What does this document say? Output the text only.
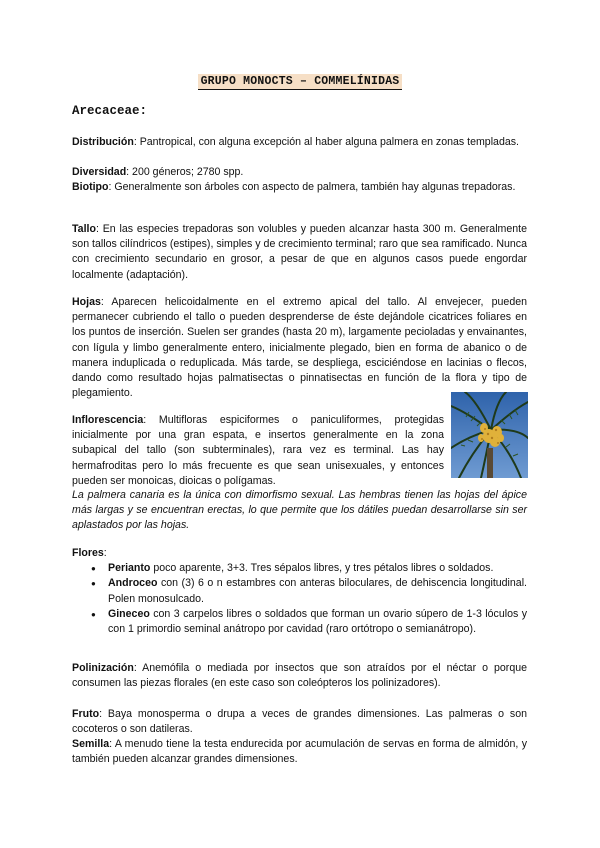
GRUPO MONOCTS – COMMELÍNIDAS
Arecaceae:
Distribución: Pantropical, con alguna excepción al haber alguna palmera en zonas templadas.
Diversidad: 200 géneros; 2780 spp.
Biotipo: Generalmente son árboles con aspecto de palmera, también hay algunas trepadoras.
Tallo: En las especies trepadoras son volubles y pueden alcanzar hasta 300 m. Generalmente son tallos cilíndricos (estipes), simples y de crecimiento terminal; raro que sea ramificado. Nunca con crecimiento secundario en grosor, a pesar de que en algunos casos puede engordar localmente (adaptación).
Hojas: Aparecen helicoidalmente en el extremo apical del tallo. Al envejecer, pueden permanecer cubriendo el tallo o pueden desprenderse de éste dejándole cicatrices foliares en los puntos de inserción. Suelen ser grandes (hasta 20 m), largamente pecioladas y envainantes, con lígula y limbo generalmente entero, inicialmente plegado, bien en forma de abanico o de manera induplicada o reduplicada. Más tarde, se despliega, esciciéndose en lacinias o flecos, dando como resultado hojas palmatisectas o pinnatisectas en función de la flora y tipo de plegamiento.
Inflorescencia: Multifloras espiciformes o paniculiformes, protegidas inicialmente por una gran espata, e insertos generalmente en la zona subapical del tallo (son subterminales), rara vez es terminal. Las hay hermafroditas pero lo más frecuente es que sean unisexuales, y entonces pueden ser monoicas, dioicas o polígamas.
La palmera canaria es la única con dimorfismo sexual. Las hembras tienen las hojas del ápice más largas y se encuentran erectas, lo que permite que los dátiles puedan desarrollarse sin ser aplastados por las hojas.
Flores:
● Perianto poco aparente, 3+3. Tres sépalos libres, y tres pétalos libres o soldados.
● Androceo con (3) 6 o n estambres con anteras biloculares, de dehiscencia longitudinal. Polen monosulcado.
● Gineceo con 3 carpelos libres o soldados que forman un ovario súpero de 1-3 lóculos y con 1 primordio seminal anátropo por cavidad (raro ortótropo o semianátropo).
Polinización: Anemófila o mediada por insectos que son atraídos por el néctar o porque consumen las piezas florales (en este caso son coleópteros los polinizadores).
Fruto: Baya monosperma o drupa a veces de grandes dimensiones. Las palmeras o son cocoteros o son datileras.
Semilla: A menudo tiene la testa endurecida por acumulación de servas en forma de almidón, y también pueden alcanzar grandes dimensiones.
